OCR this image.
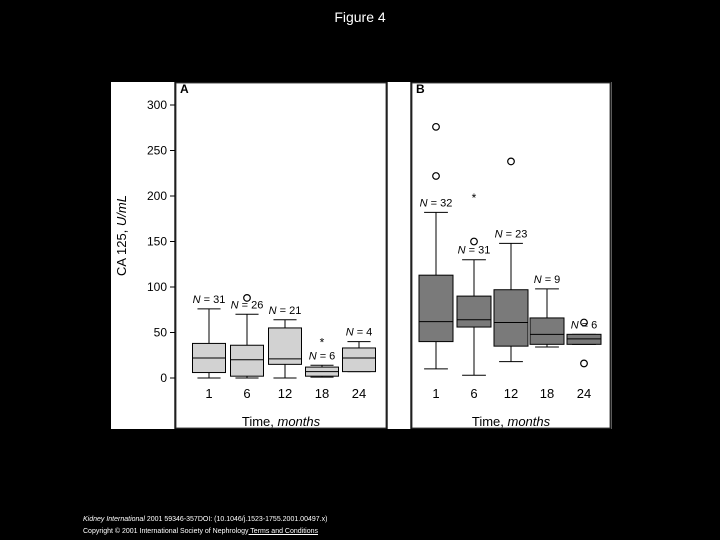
Figure 4
A
0
50
100
150
200
250
300
CA 125, U/mL
1 6 12 18 24
Time, months
N = 31 N = 26 N = 21
*
N = 6
N = 4
B
1 6 12 18 24
Time, months
N = 32 *
N = 31
N = 23
N = 9
N = 6
Kidney International 2001 59346-357DOI: (10.1046/j.1523-1755.2001.00497.x)
Copyright © 2001 International Society of Nephrology Terms and Conditions
